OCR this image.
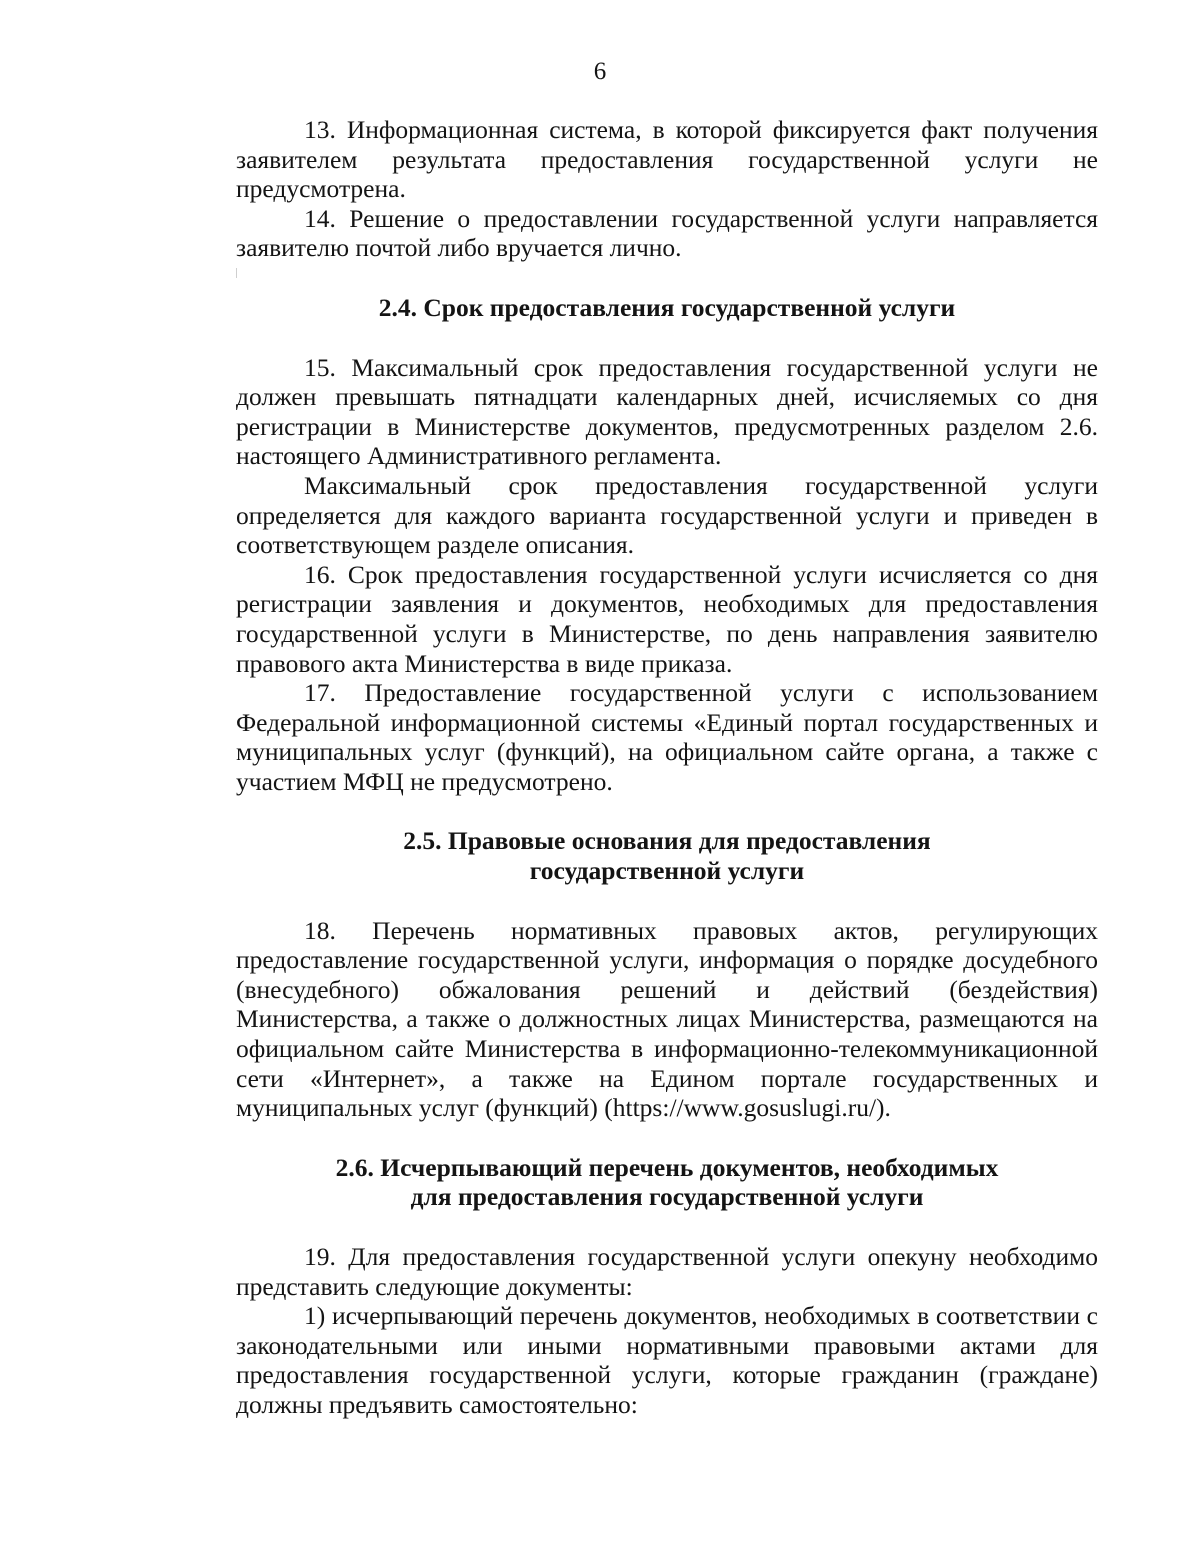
6

13. Информационная система, в которой фиксируется факт получения заявителем результата предоставления государственной услуги не предусмотрена.

14. Решение о предоставлении государственной услуги направляется заявителю почтой либо вручается лично.

2.4. Срок предоставления государственной услуги

15. Максимальный срок предоставления государственной услуги не должен превышать пятнадцати календарных дней, исчисляемых со дня регистрации в Министерстве документов, предусмотренных разделом 2.6. настоящего Административного регламента.

Максимальный срок предоставления государственной услуги определяется для каждого варианта государственной услуги и приведен в соответствующем разделе описания.

16. Срок предоставления государственной услуги исчисляется со дня регистрации заявления и документов, необходимых для предоставления государственной услуги в Министерстве, по день направления заявителю правового акта Министерства в виде приказа.

17. Предоставление государственной услуги с использованием Федеральной информационной системы «Единый портал государственных и муниципальных услуг (функций), на официальном сайте органа, а также с участием МФЦ не предусмотрено.

2.5. Правовые основания для предоставления
государственной услуги

18. Перечень нормативных правовых актов, регулирующих предоставление государственной услуги, информация о порядке досудебного (внесудебного) обжалования решений и действий (бездействия) Министерства, а также о должностных лицах Министерства, размещаются на официальном сайте Министерства в информационно-телекоммуникационной сети «Интернет», а также на Едином портале государственных и муниципальных услуг (функций) (https://www.gosuslugi.ru/).

2.6. Исчерпывающий перечень документов, необходимых
для предоставления государственной услуги

19. Для предоставления государственной услуги опекуну необходимо представить следующие документы:

1) исчерпывающий перечень документов, необходимых в соответствии с законодательными или иными нормативными правовыми актами для предоставления государственной услуги, которые гражданин (граждане) должны предъявить самостоятельно:
